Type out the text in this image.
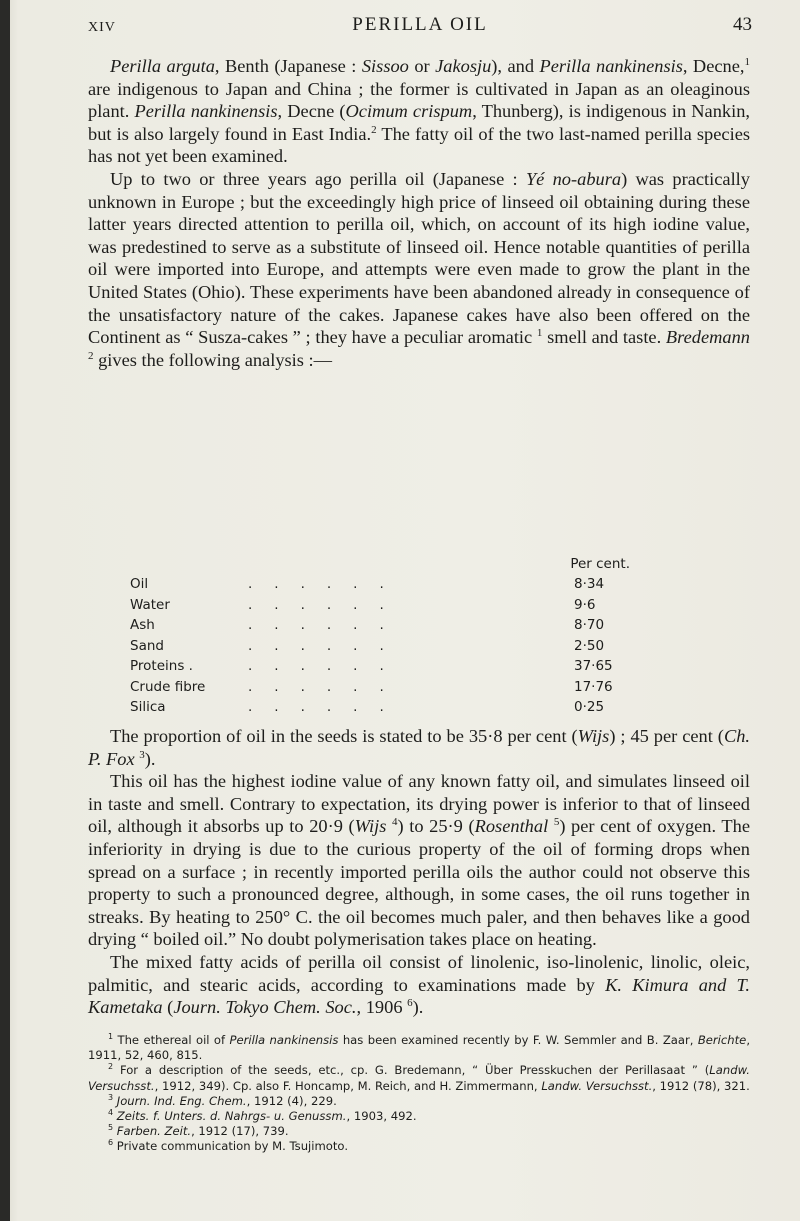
XIV	PERILLA OIL	43

Perilla arguta, Benth (Japanese : Sissoo or Jakosju), and Perilla nankinensis, Decne,$^1$ are indigenous to Japan and China ; the former is cultivated in Japan as an oleaginous plant. Perilla nankinensis, Decne (Ocimum crispum, Thunberg), is indigenous in Nankin, but is also largely found in East India.$^2$ The fatty oil of the two last-named perilla species has not yet been examined.

Up to two or three years ago perilla oil (Japanese : Yé no-abura) was practically unknown in Europe ; but the exceedingly high price of linseed oil obtaining during these latter years directed attention to perilla oil, which, on account of its high iodine value, was predestined to serve as a substitute of linseed oil. Hence notable quantities of perilla oil were imported into Europe, and attempts were even made to grow the plant in the United States (Ohio). These experiments have been abandoned already in consequence of the unsatisfactory nature of the cakes. Japanese cakes have also been offered on the Continent as “ Susza-cakes ” ; they have a peculiar aromatic $^1$ smell and taste. Bredemann $^2$ gives the following analysis :—

Per cent.
Oil	......	8·34
Water	......	9·6
Ash	......	8·70
Sand	......	2·50
Proteins .	......	37·65
Crude fibre	......	17·76
Silica	......	0·25

The proportion of oil in the seeds is stated to be 35·8 per cent (Wijs) ; 45 per cent (Ch. P. Fox $^3$).

This oil has the highest iodine value of any known fatty oil, and simulates linseed oil in taste and smell. Contrary to expectation, its drying power is inferior to that of linseed oil, although it absorbs up to 20·9 (Wijs $^4$) to 25·9 (Rosenthal $^5$) per cent of oxygen. The inferiority in drying is due to the curious property of the oil of forming drops when spread on a surface ; in recently imported perilla oils the author could not observe this property to such a pronounced degree, although, in some cases, the oil runs together in streaks. By heating to 250° C. the oil becomes much paler, and then behaves like a good drying “ boiled oil.” No doubt polymerisation takes place on heating.

The mixed fatty acids of perilla oil consist of linolenic, iso-linolenic, linolic, oleic, palmitic, and stearic acids, according to examinations made by K. Kimura and T. Kametaka (Journ. Tokyo Chem. Soc., 1906 $^6$).

$^1$ The ethereal oil of Perilla nankinensis has been examined recently by F. W. Semmler and B. Zaar, Berichte, 1911, 52, 460, 815.

$^2$ For a description of the seeds, etc., cp. G. Bredemann, “ Über Presskuchen der Perillasaat ” (Landw. Versuchsst., 1912, 349). Cp. also F. Honcamp, M. Reich, and H. Zimmermann, Landw. Versuchsst., 1912 (78), 321.

$^3$ Journ. Ind. Eng. Chem., 1912 (4), 229.

$^4$ Zeits. f. Unters. d. Nahrgs- u. Genussm., 1903, 492.

$^5$ Farben. Zeit., 1912 (17), 739.

$^6$ Private communication by M. Tsujimoto.
